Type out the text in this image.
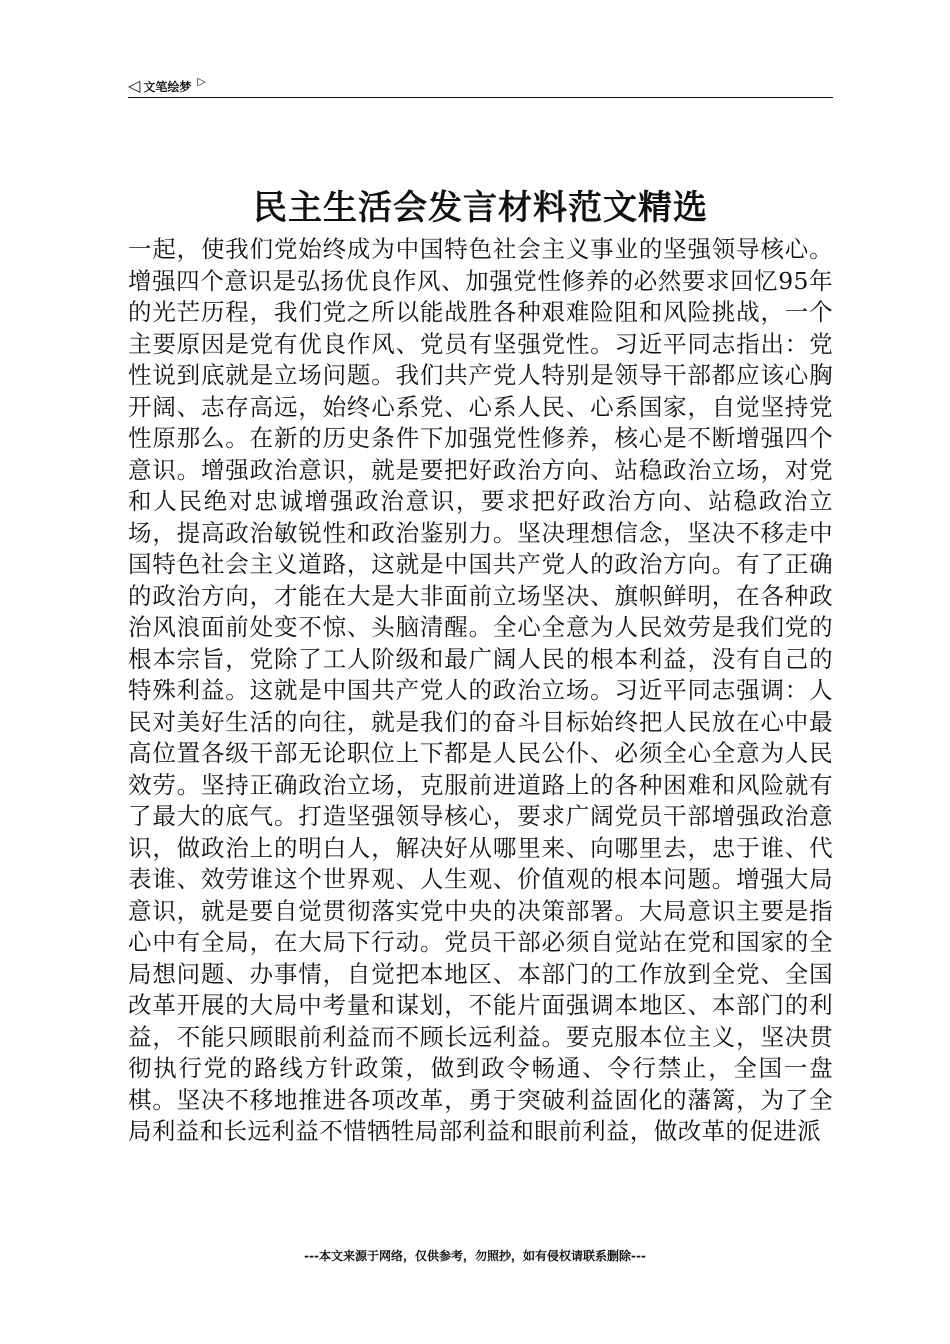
◁ 文笔绘梦 ▷
民主生活会发言材料范文精选

一起，使我们党始终成为中国特色社会主义事业的坚强领导核心。增强四个意识是弘扬优良作风、加强党性修养的必然要求回忆95年的光芒历程，我们党之所以能战胜各种艰难险阻和风险挑战，一个主要原因是党有优良作风、党员有坚强党性。习近平同志指出：党性说到底就是立场问题。我们共产党人特别是领导干部都应该心胸开阔、志存高远，始终心系党、心系人民、心系国家，自觉坚持党性原那么。在新的历史条件下加强党性修养，核心是不断增强四个意识。增强政治意识，就是要把好政治方向、站稳政治立场，对党和人民绝对忠诚增强政治意识，要求把好政治方向、站稳政治立场，提高政治敏锐性和政治鉴别力。坚决理想信念，坚决不移走中国特色社会主义道路，这就是中国共产党人的政治方向。有了正确的政治方向，才能在大是大非面前立场坚决、旗帜鲜明，在各种政治风浪面前处变不惊、头脑清醒。全心全意为人民效劳是我们党的根本宗旨，党除了工人阶级和最广阔人民的根本利益，没有自己的特殊利益。这就是中国共产党人的政治立场。习近平同志强调：人民对美好生活的向往，就是我们的奋斗目标始终把人民放在心中最高位置各级干部无论职位上下都是人民公仆、必须全心全意为人民效劳。坚持正确政治立场，克服前进道路上的各种困难和风险就有了最大的底气。打造坚强领导核心，要求广阔党员干部增强政治意识，做政治上的明白人，解决好从哪里来、向哪里去，忠于谁、代表谁、效劳谁这个世界观、人生观、价值观的根本问题。增强大局意识，就是要自觉贯彻落实党中央的决策部署。大局意识主要是指心中有全局，在大局下行动。党员干部必须自觉站在党和国家的全局想问题、办事情，自觉把本地区、本部门的工作放到全党、全国改革开展的大局中考量和谋划，不能片面强调本地区、本部门的利益，不能只顾眼前利益而不顾长远利益。要克服本位主义，坚决贯彻执行党的路线方针政策，做到政令畅通、令行禁止，全国一盘棋。坚决不移地推进各项改革，勇于突破利益固化的藩篱，为了全局利益和长远利益不惜牺牲局部利益和眼前利益，做改革的促进派

---本文来源于网络，仅供参考，勿照抄，如有侵权请联系删除---
